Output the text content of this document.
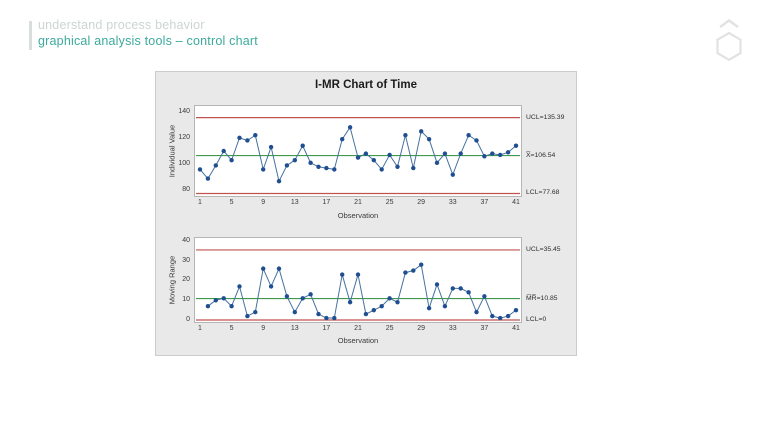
understand process behavior
graphical analysis tools – control chart
I-MR Chart of Time
Individual Value
UCL=135.39
X̅=106.54
LCL=77.68
Observation
Moving Range
UCL=35.45
M̅R̅=10.85
LCL=0
Observation
80
100
120
140
1	5	9	13	17	21	25	29	33	37	41
0
10
20
30
40
1	5	9	13	17	21	25	29	33	37	41
